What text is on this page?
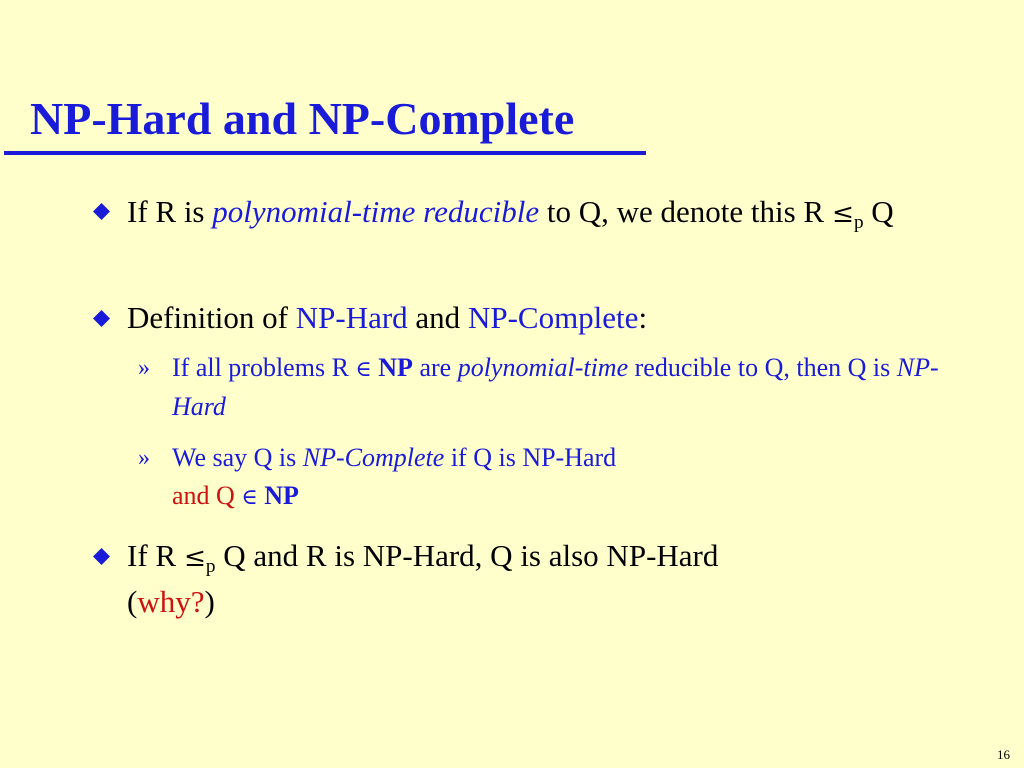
NP-Hard and NP-Complete
If R is polynomial-time reducible to Q, we denote this $R \le_p$ Q
Definition of NP-Hard and NP-Complete:
» If all problems R ∈ NP are polynomial-time reducible to Q, then Q is NP-Hard
» We say Q is NP-Complete if Q is NP-Hard
and Q ∈ NP
If $R \le_p$ Q and R is NP-Hard, Q is also NP-Hard
(why?)
16
